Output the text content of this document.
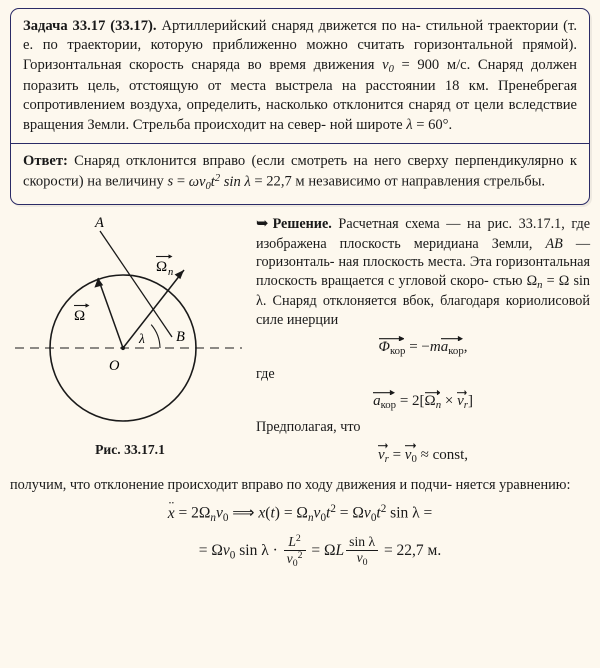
Задача 33.17 (33.17). Артиллерийский снаряд движется по на- стильной траектории (т. е. по траектории, которую приближенно можно считать горизонтальной прямой). Горизонтальная скорость снаряда во время движения $v_0 = 900$ м/с. Снаряд должен поразить цель, отстоящую от места выстрела на расстоянии 18 км. Пренебрегая сопротивлением воздуха, определить, насколько отклонится снаряд от цели вследствие вращения Земли. Стрельба происходит на север- ной широте λ = 60°.
Ответ: Снаряд отклонится вправо (если смотреть на него сверху перпендикулярно к скорости) на величину $s = \omega v_0t^2$ sin λ = 22,7 м независимо от направления стрельбы.
A
B
O
λ
Ω
Ω n
Рис. 33.17.1
➥ Решение. Расчетная схема — на рис. 33.17.1, где изображена плоскость меридиана Земли, AB — горизонталь- ная плоскость места. Эта горизонтальная плоскость вращается с угловой скоро- стью $\Omega_n = \Omega$ sin λ. Снаряд отклоняется вбок, благодаря кориолисовой силе инерции
$\Phi_{кор} = -m$
$a_{кор}$,
где
$a_{кор} = 2$[
$\Omega_n$ ×
$v_r$]
Предполагая, что
$v_r$ =
$v_0$ ≈ const,
получим, что отклонение происходит вправо по ходу движения и подчи- няется уравнению:
x ·· = $2\Omega_nv_0$ ⟹ $x(t) = \Omega_nv_0t^2 = \Omega v_0t^2$ sin λ =
= $\Omega v_0$ $\sin \lambda \cdot \frac{L^2}{v_0^2} = \Omega L \frac{\text{sin λ}}{v_0} = 22,7$ м.
